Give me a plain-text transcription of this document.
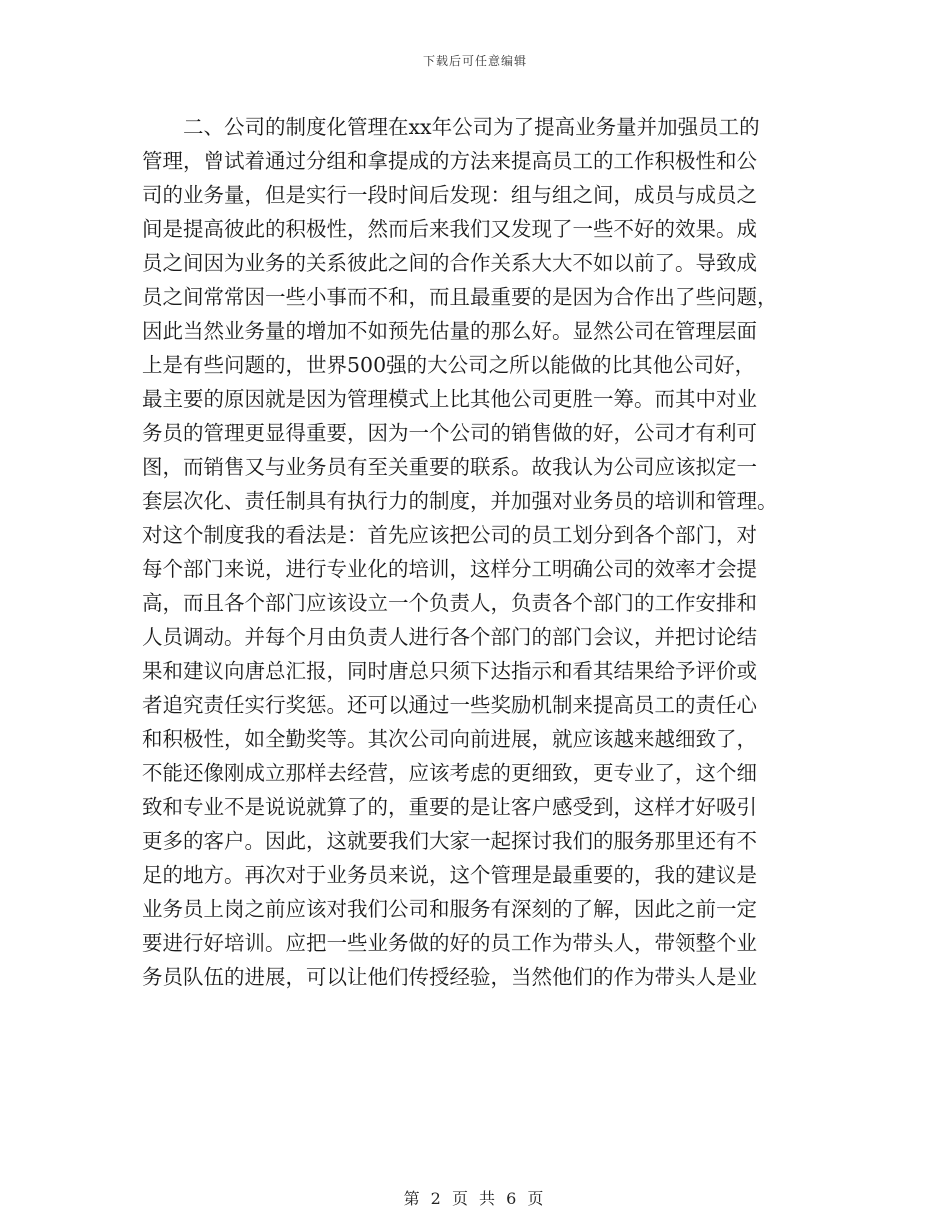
下载后可任意编辑
二、公司的制度化管理在xx年公司为了提高业务量并加强员工的
管理，曾试着通过分组和拿提成的方法来提高员工的工作积极性和公
司的业务量，但是实行一段时间后发现：组与组之间，成员与成员之
间是提高彼此的积极性，然而后来我们又发现了一些不好的效果。成
员之间因为业务的关系彼此之间的合作关系大大不如以前了。导致成
员之间常常因一些小事而不和，而且最重要的是因为合作出了些问题，
因此当然业务量的增加不如预先估量的那么好。显然公司在管理层面
上是有些问题的，世界500强的大公司之所以能做的比其他公司好，
最主要的原因就是因为管理模式上比其他公司更胜一筹。而其中对业
务员的管理更显得重要，因为一个公司的销售做的好，公司才有利可
图，而销售又与业务员有至关重要的联系。故我认为公司应该拟定一
套层次化、责任制具有执行力的制度，并加强对业务员的培训和管理。
对这个制度我的看法是：首先应该把公司的员工划分到各个部门，对
每个部门来说，进行专业化的培训，这样分工明确公司的效率才会提
高，而且各个部门应该设立一个负责人，负责各个部门的工作安排和
人员调动。并每个月由负责人进行各个部门的部门会议，并把讨论结
果和建议向唐总汇报，同时唐总只须下达指示和看其结果给予评价或
者追究责任实行奖惩。还可以通过一些奖励机制来提高员工的责任心
和积极性，如全勤奖等。其次公司向前进展，就应该越来越细致了，
不能还像刚成立那样去经营，应该考虑的更细致，更专业了，这个细
致和专业不是说说就算了的，重要的是让客户感受到，这样才好吸引
更多的客户。因此，这就要我们大家一起探讨我们的服务那里还有不
足的地方。再次对于业务员来说，这个管理是最重要的，我的建议是
业务员上岗之前应该对我们公司和服务有深刻的了解，因此之前一定
要进行好培训。应把一些业务做的好的员工作为带头人，带领整个业
务员队伍的进展，可以让他们传授经验，当然他们的作为带头人是业
第 2 页 共 6 页
